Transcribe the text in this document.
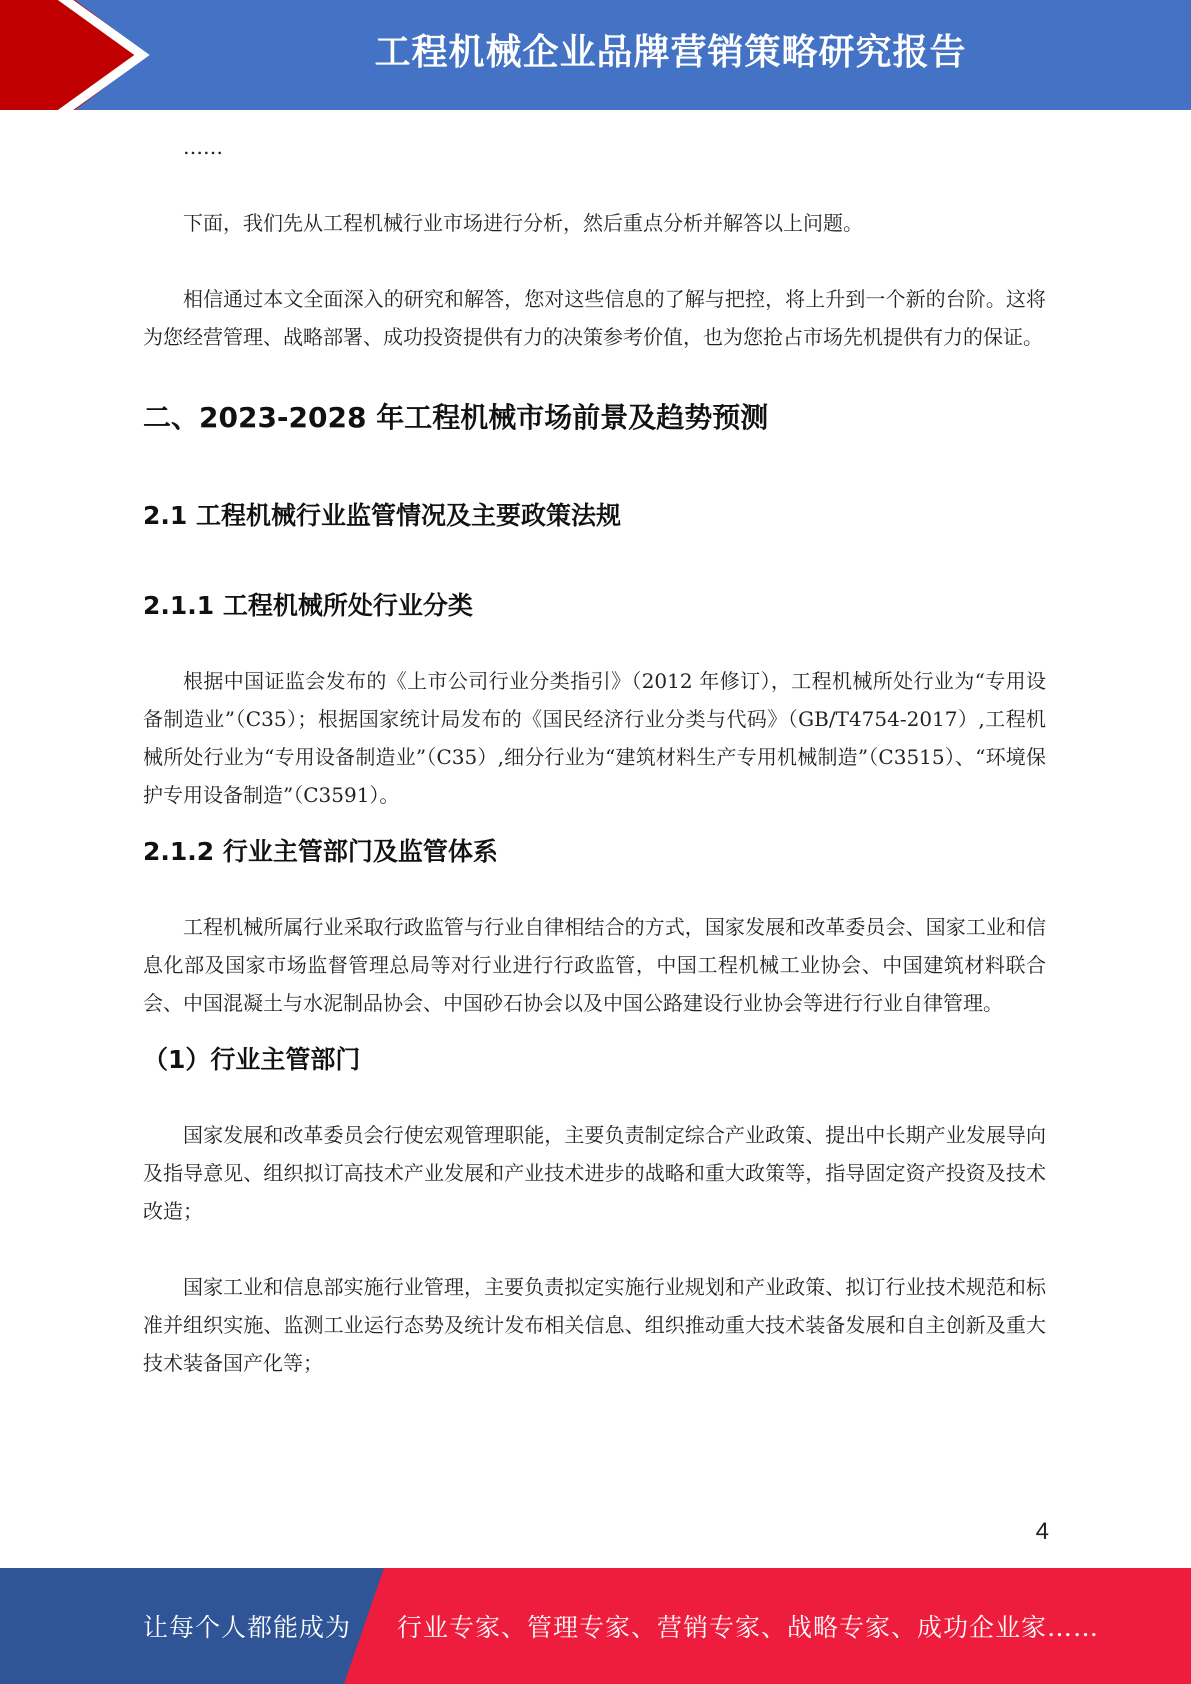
工程机械企业品牌营销策略研究报告

……

下面，我们先从工程机械行业市场进行分析，然后重点分析并解答以上问题。

相信通过本文全面深入的研究和解答，您对这些信息的了解与把控，将上升到一个新的台阶。这将为您经营管理、战略部署、成功投资提供有力的决策参考价值，也为您抢占市场先机提供有力的保证。

二、2023-2028 年工程机械市场前景及趋势预测
2.1 工程机械行业监管情况及主要政策法规
2.1.1 工程机械所处行业分类

根据中国证监会发布的《上市公司行业分类指引》（2012 年修订），工程机械所处行业为“专用设备制造业”（C35）；根据国家统计局发布的《国民经济行业分类与代码》（GB/T4754-2017）,工程机械所处行业为“专用设备制造业”（C35）,细分行业为“建筑材料生产专用机械制造”（C3515）、“环境保护专用设备制造”（C3591）。

2.1.2 行业主管部门及监管体系

工程机械所属行业采取行政监管与行业自律相结合的方式，国家发展和改革委员会、国家工业和信息化部及国家市场监督管理总局等对行业进行行政监管，中国工程机械工业协会、中国建筑材料联合会、中国混凝土与水泥制品协会、中国砂石协会以及中国公路建设行业协会等进行行业自律管理。

（1）行业主管部门

国家发展和改革委员会行使宏观管理职能，主要负责制定综合产业政策、提出中长期产业发展导向及指导意见、组织拟订高技术产业发展和产业技术进步的战略和重大政策等，指导固定资产投资及技术改造；

国家工业和信息部实施行业管理，主要负责拟定实施行业规划和产业政策、拟订行业技术规范和标准并组织实施、监测工业运行态势及统计发布相关信息、组织推动重大技术装备发展和自主创新及重大技术装备国产化等；

4
让每个人都能成为 行业专家、管理专家、营销专家、战略专家、成功企业家……
